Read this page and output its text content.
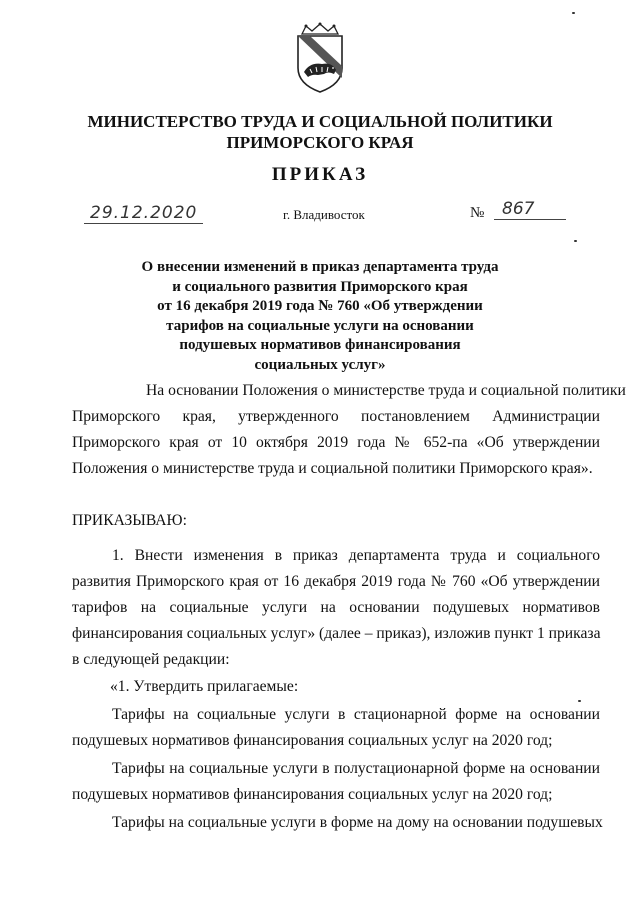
МИНИСТЕРСТВО ТРУДА И СОЦИАЛЬНОЙ ПОЛИТИКИ
ПРИМОРСКОГО КРАЯ
ПРИКАЗ
29.12.2020	г. Владивосток	№	867
О внесении изменений в приказ департамента труда
и социального развития Приморского края
от 16 декабря 2019 года № 760 «Об утверждении
тарифов на социальные услуги на основании
подушевых нормативов финансирования
социальных услуг»
На основании Положения о министерстве труда и социальной политики
Приморского края, утвержденного постановлением Администрации
Приморского края от 10 октября 2019 года № 652-па «Об утверждении
Положения о министерстве труда и социальной политики Приморского края».
ПРИКАЗЫВАЮ:
1. Внести изменения в приказ департамента труда и социального
развития Приморского края от 16 декабря 2019 года № 760 «Об утверждении
тарифов на социальные услуги на основании подушевых нормативов
финансирования социальных услуг» (далее – приказ), изложив пункт 1 приказа
в следующей редакции:
«1. Утвердить прилагаемые:
Тарифы на социальные услуги в стационарной форме на основании
подушевых нормативов финансирования социальных услуг на 2020 год;
Тарифы на социальные услуги в полустационарной форме на основании
подушевых нормативов финансирования социальных услуг на 2020 год;
Тарифы на социальные услуги в форме на дому на основании подушевых
